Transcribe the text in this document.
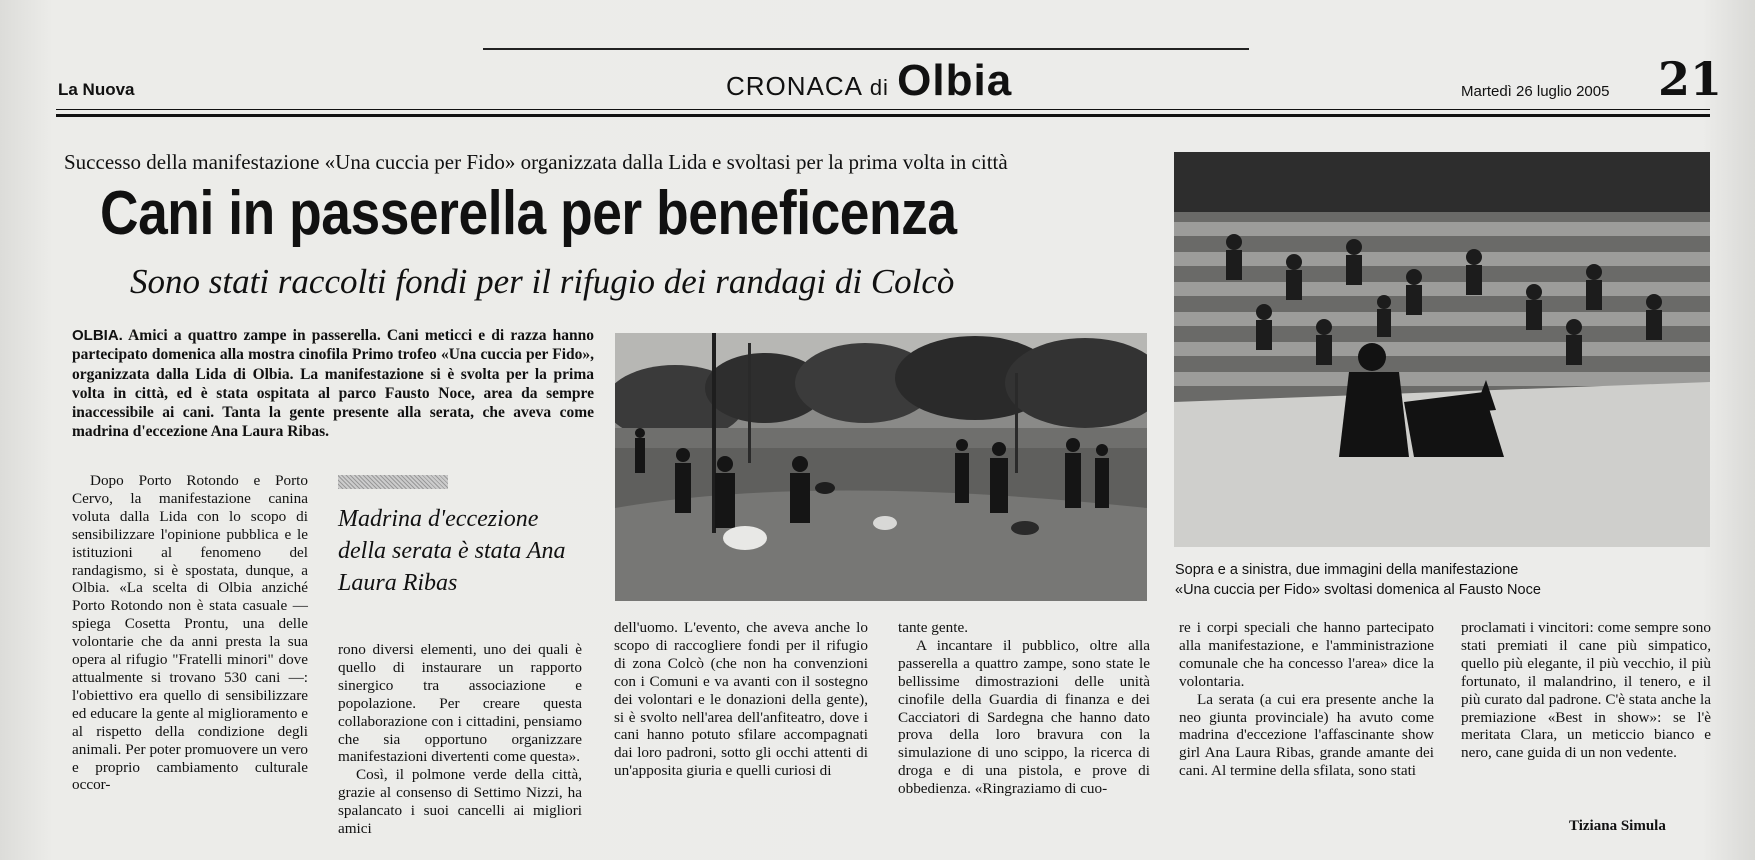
La Nuova	CRONACA di Olbia	Martedì 26 luglio 2005 21
Successo della manifestazione «Una cuccia per Fido» organizzata dalla Lida e svoltasi per la prima volta in città
Cani in passerella per beneficenza
Sono stati raccolti fondi per il rifugio dei randagi di Colcò
OLBIA. Amici a quattro zampe in passerella. Cani meticci e di razza hanno partecipato domenica alla mostra cinofila Primo trofeo «Una cuccia per Fido», organizzata dalla Lida di Olbia. La manifestazione si è svolta per la prima volta in città, ed è stata ospitata al parco Fausto Noce, area da sempre inaccessibile ai cani. Tanta la gente presente alla serata, che aveva come madrina d'eccezione Ana Laura Ribas.
Dopo Porto Rotondo e Porto Cervo, la manifestazione canina voluta dalla Lida con lo scopo di sensibilizzare l'opinione pubblica e le istituzioni al fenomeno del randagismo, si è spostata, dunque, a Olbia. «La scelta di Olbia anziché Porto Rotondo non è stata casuale — spiega Cosetta Prontu, una delle volontarie che da anni presta la sua opera al rifugio "Fratelli minori" dove attualmente si trovano 530 cani —: l'obiettivo era quello di sensibilizzare ed educare la gente al miglioramento e al rispetto della condizione degli animali. Per poter promuovere un vero e proprio cambiamento culturale occor-
Madrina d'eccezione della serata è stata Ana Laura Ribas

rono diversi elementi, uno dei quali è quello di instaurare un rapporto sinergico tra associazione e popolazione. Per creare questa collaborazione con i cittadini, pensiamo che sia opportuno organizzare manifestazioni divertenti come questa».

Così, il polmone verde della città, grazie al consenso di Settimo Nizzi, ha spalancato i suoi cancelli ai migliori amici

dell'uomo. L'evento, che aveva anche lo scopo di raccogliere fondi per il rifugio di zona Colcò (che non ha convenzioni con i Comuni e va avanti con il sostegno dei volontari e le donazioni della gente), si è svolto nell'area dell'anfiteatro, dove i cani hanno potuto sfilare accompagnati dai loro padroni, sotto gli occhi attenti di un'apposita giuria e quelli curiosi di

tante gente.

A incantare il pubblico, oltre alla passerella a quattro zampe, sono state le bellissime dimostrazioni delle unità cinofile della Guardia di finanza e dei Cacciatori di Sardegna che hanno dato prova della loro bravura con la simulazione di uno scippo, la ricerca di droga e di una pistola, e prove di obbedienza. «Ringraziamo di cuo-

re i corpi speciali che hanno partecipato alla manifestazione, e l'amministrazione comunale che ha concesso l'area» dice la volontaria.

La serata (a cui era presente anche la neo giunta provinciale) ha avuto come madrina d'eccezione l'affascinante show girl Ana Laura Ribas, grande amante dei cani. Al termine della sfilata, sono stati

proclamati i vincitori: come sempre sono stati premiati il cane più simpatico, quello più elegante, il più vecchio, il più fortunato, il malandrino, il tenero, e il più curato dal padrone. C'è stata anche la premiazione «Best in show»: se l'è meritata Clara, un meticcio bianco e nero, cane guida di un non vedente.
Sopra e a sinistra, due immagini della manifestazione
«Una cuccia per Fido» svoltasi domenica al Fausto Noce
Tiziana Simula
